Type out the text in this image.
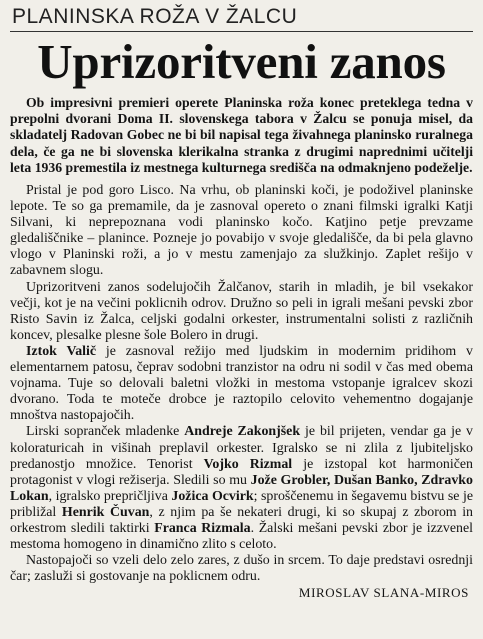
PLANINSKA ROŽA V ŽALCU
Uprizoritveni zanos
Ob impresivni premieri operete Planinska roža konec preteklega tedna v prepolni dvorani Doma II. slovenskega tabora v Žalcu se ponuja misel, da skladatelj Radovan Gobec ne bi bil napisal tega živahnega planinsko ruralnega dela, če ga ne bi slovenska klerikalna stranka z drugimi naprednimi učitelji leta 1936 premestila iz mestnega kulturnega središča na odmaknjeno podeželje.

Pristal je pod goro Lisco. Na vrhu, ob planinski koči, je podoživel planinske lepote. Te so ga premamile, da je zasnoval opereto o znani filmski igralki Katji Silvani, ki neprepoznana vodi planinsko kočo. Katjino petje prevzame gledališčnike – planince. Pozneje jo povabijo v svoje gledališče, da bi pela glavno vlogo v Planinski roži, a jo v mestu zamenjajo za služkinjo. Zaplet rešijo v zabavnem slogu.

Uprizoritveni zanos sodelujočih Žalčanov, starih in mladih, je bil vsekakor večji, kot je na večini poklicnih odrov. Družno so peli in igrali mešani pevski zbor Risto Savin iz Žalca, celjski godalni orkester, instrumentalni solisti z različnih koncev, plesalke plesne šole Bolero in drugi.

Iztok Valič je zasnoval režijo med ljudskim in modernim pridihom v elementarnem patosu, čeprav sodobni tranzistor na odru ni sodil v čas med obema vojnama. Tuje so delovali baletni vložki in mestoma vstopanje igralcev skozi dvorano. Toda te moteče drobce je raztopilo celovito vehementno dogajanje mnoštva nastopajočih.

Lirski sopranček mladenke Andreje Zakonjšek je bil prijeten, vendar ga je v koloraturicah in višinah preplavil orkester. Igralsko se ni zlila z ljubiteljsko predanostjo množice. Tenorist Vojko Rizmal je izstopal kot harmoničen protagonist v vlogi režiserja. Sledili so mu Jože Grobler, Dušan Banko, Zdravko Lokan, igralsko prepričljiva Jožica Ocvirk; sproščenemu in šegavemu bistvu se je približal Henrik Čuvan, z njim pa še nekateri drugi, ki so skupaj z zborom in orkestrom sledili taktirki Franca Rizmala. Žalski mešani pevski zbor je izzvenel mestoma homogeno in dinamično zlito s celoto.

Nastopajoči so vzeli delo zelo zares, z dušo in srcem. To daje predstavi osrednji čar; zasluži si gostovanje na poklicnem odru.

MIROSLAV SLANA-MIROS
